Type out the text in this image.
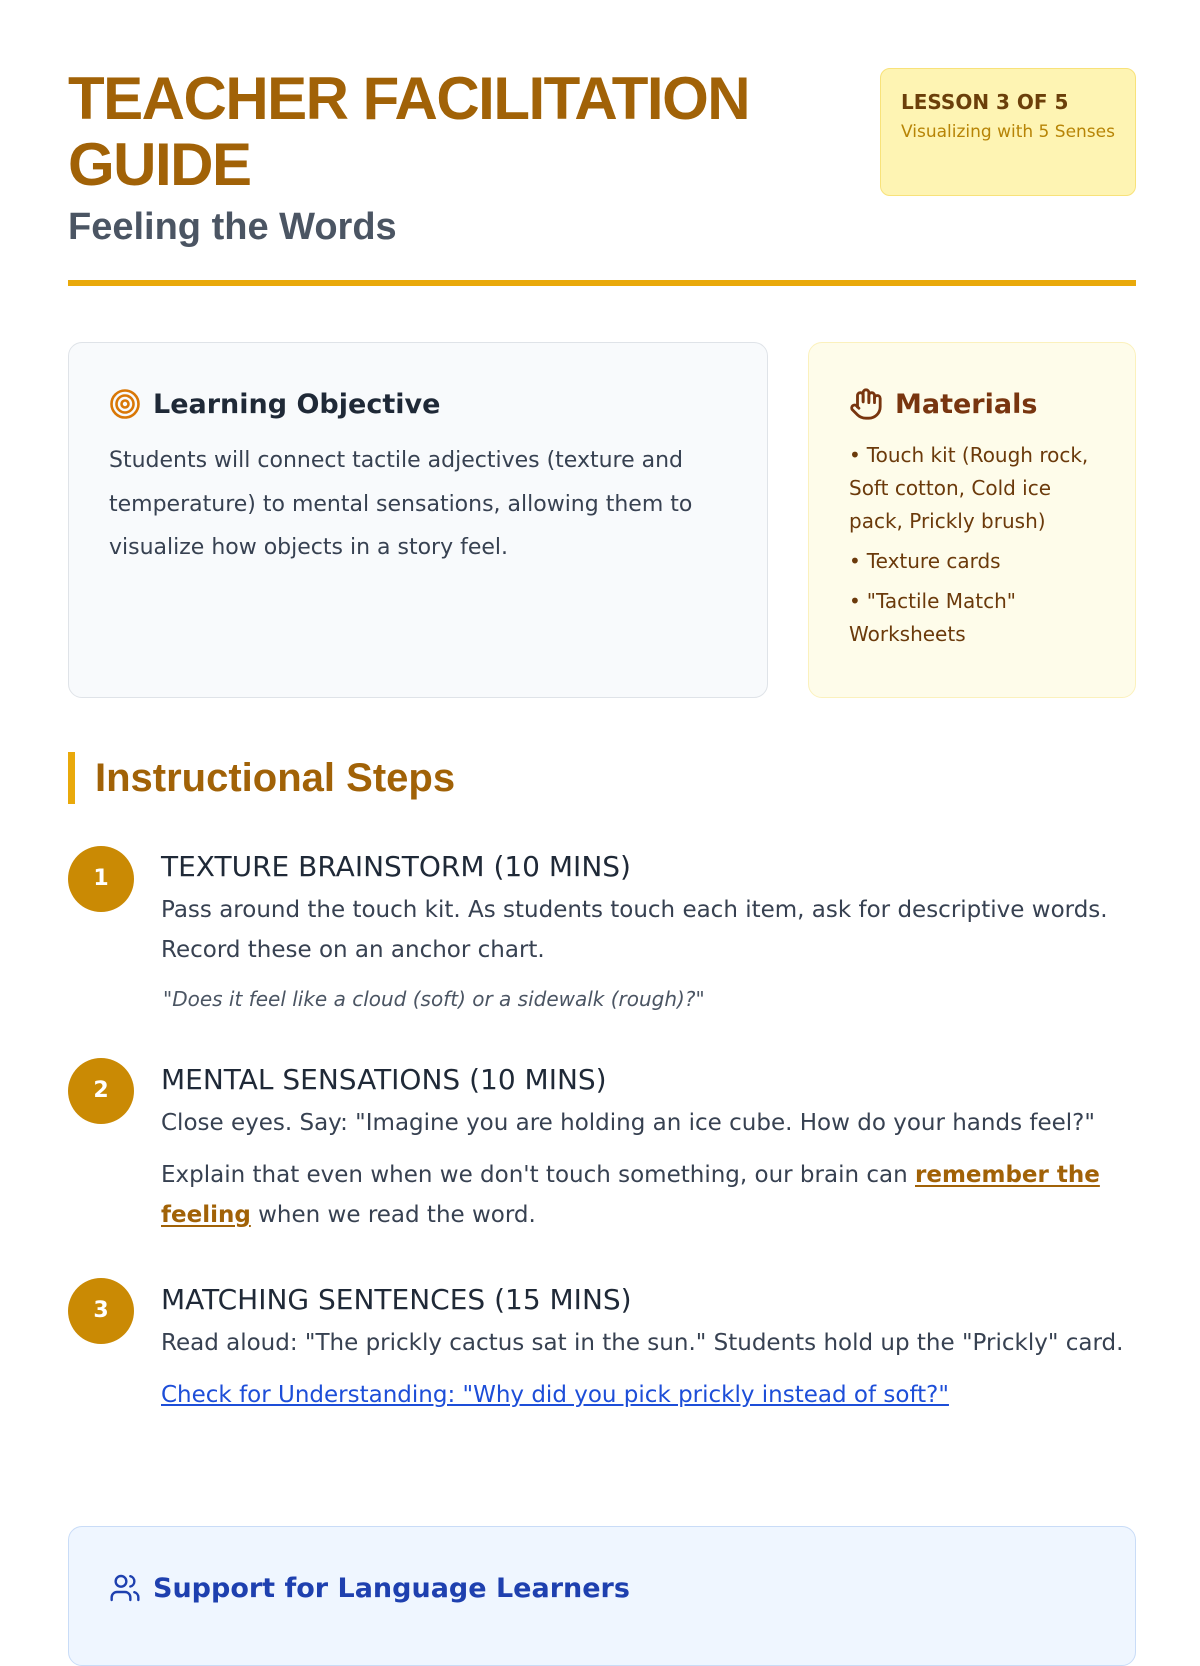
TEACHER FACILITATION GUIDE
Feeling the Words
LESSON 3 OF 5
Visualizing with 5 Senses
Learning Objective

Students will connect tactile adjectives (texture and temperature) to mental sensations, allowing them to visualize how objects in a story feel.

Materials
• Touch kit (Rough rock, Soft cotton, Cold ice pack, Prickly brush)
• Texture cards
• "Tactile Match" Worksheets
Instructional Steps
1	TEXTURE BRAINSTORM (10 MINS)

Pass around the touch kit. As students touch each item, ask for descriptive words. Record these on an anchor chart.

"Does it feel like a cloud (soft) or a sidewalk (rough)?"

2	MENTAL SENSATIONS (10 MINS)

Close eyes. Say: "Imagine you are holding an ice cube. How do your hands feel?"

Explain that even when we don't touch something, our brain can remember the feeling when we read the word.

3	MATCHING SENTENCES (15 MINS)

Read aloud: "The prickly cactus sat in the sun." Students hold up the "Prickly" card.

Check for Understanding: "Why did you pick prickly instead of soft?"

Support for Language Learners
